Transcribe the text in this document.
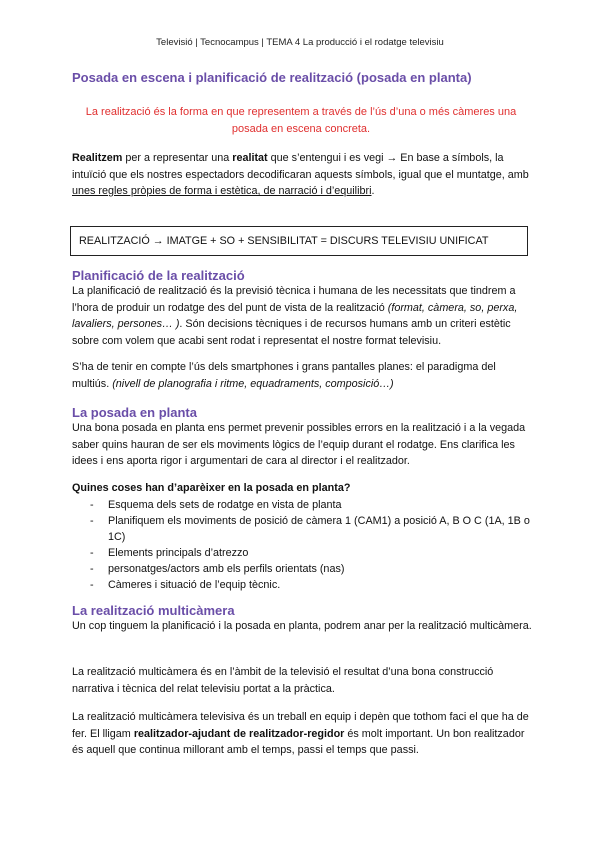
Televisió | Tecnocampus | TEMA 4 La producció i el rodatge televisiu
Posada en escena i planificació de realització (posada en planta)
La realització és la forma en que representem a través de l’ús d’una o més càmeres una posada en escena concreta.
Realitzem per a representar una realitat que s’entengui i es vegi → En base a símbols, la intuïció que els nostres espectadors decodificaran aquests símbols, igual que el muntatge, amb unes regles pròpies de forma i estètica, de narració i d’equilibri.
REALITZACIÓ → IMATGE + SO + SENSIBILITAT = DISCURS TELEVISIU UNIFICAT
Planificació de la realització
La planificació de realització és la previsió tècnica i humana de les necessitats que tindrem a l’hora de produir un rodatge des del punt de vista de la realització (format, càmera, so, perxa, lavaliers, persones… ). Són decisions tècniques i de recursos humans amb un criteri estètic sobre com volem que acabi sent rodat i representat el nostre format televisiu.
S’ha de tenir en compte l’ús dels smartphones i grans pantalles planes: el paradigma del multiús. (nivell de planografia i ritme, equadraments, composició…)
La posada en planta
Una bona posada en planta ens permet prevenir possibles errors en la realització i a la vegada saber quins hauran de ser els moviments lògics de l’equip durant el rodatge. Ens clarifica les idees i ens aporta rigor i argumentari de cara al director i el realitzador.
Quines coses han d’aparèixer en la posada en planta?
- Esquema dels sets de rodatge en vista de planta
- Planifiquem els moviments de posició de càmera 1 (CAM1) a posició A, B O C (1A, 1B o 1C)
- Elements principals d’atrezzo
- personatges/actors amb els perfils orientats (nas)
- Càmeres i situació de l’equip tècnic.
La realització multicàmera
Un cop tinguem la planificació i la posada en planta, podrem anar per la realització multicàmera.
La realització multicàmera és en l’àmbit de la televisió el resultat d’una bona construcció narrativa i tècnica del relat televisiu portat a la pràctica.
La realització multicàmera televisiva és un treball en equip i depèn que tothom faci el que ha de fer. El lligam realitzador-ajudant de realitzador-regidor és molt important. Un bon realitzador és aquell que continua millorant amb el temps, passi el temps que passi.
